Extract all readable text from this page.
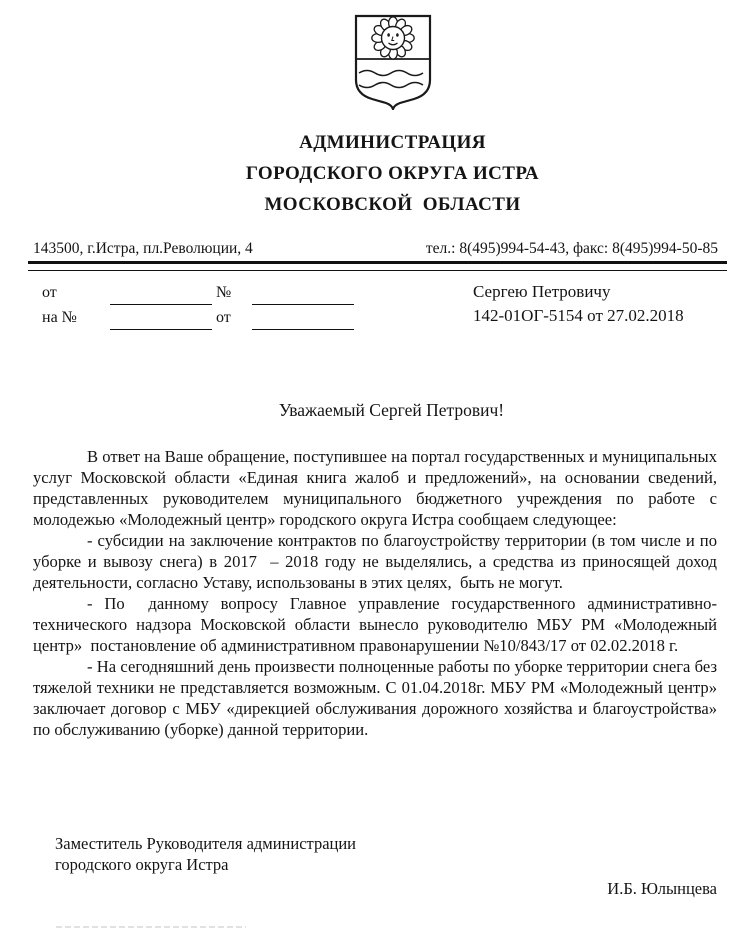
АДМИНИСТРАЦИЯ
ГОРОДСКОГО ОКРУГА ИСТРА
МОСКОВСКОЙ  ОБЛАСТИ
143500, г.Истра, пл.Революции, 4	тел.: 8(495)994-54-43, факс: 8(495)994-50-85
от	№
на №	от
Сергею Петровичу
142-01ОГ-5154 от 27.02.2018
Уважаемый Сергей Петрович!

В ответ на Ваше обращение, поступившее на портал государственных и муниципальных услуг Московской области «Единая книга жалоб и предложений», на основании сведений, представленных руководителем муниципального бюджетного учреждения по работе с молодежью «Молодежный центр» городского округа Истра сообщаем следующее:

- субсидии на заключение контрактов по благоустройству территории (в том числе и по уборке и вывозу снега) в 2017  – 2018 году не выделялись, а средства из приносящей доход деятельности, согласно Уставу, использованы в этих целях,  быть не могут.

- По  данному вопросу Главное управление государственного административно-технического надзора Московской области вынесло руководителю МБУ РМ «Молодежный центр»  постановление об административном правонарушении №10/843/17 от 02.02.2018 г.

- На сегодняшний день произвести полноценные работы по уборке территории снега без тяжелой техники не представляется возможным. С 01.04.2018г. МБУ РМ «Молодежный центр» заключает договор с МБУ «дирекцией обслуживания дорожного хозяйства и благоустройства» по обслуживанию (уборке) данной территории.

Заместитель Руководителя администрации
городского округа Истра
И.Б. Юлынцева
